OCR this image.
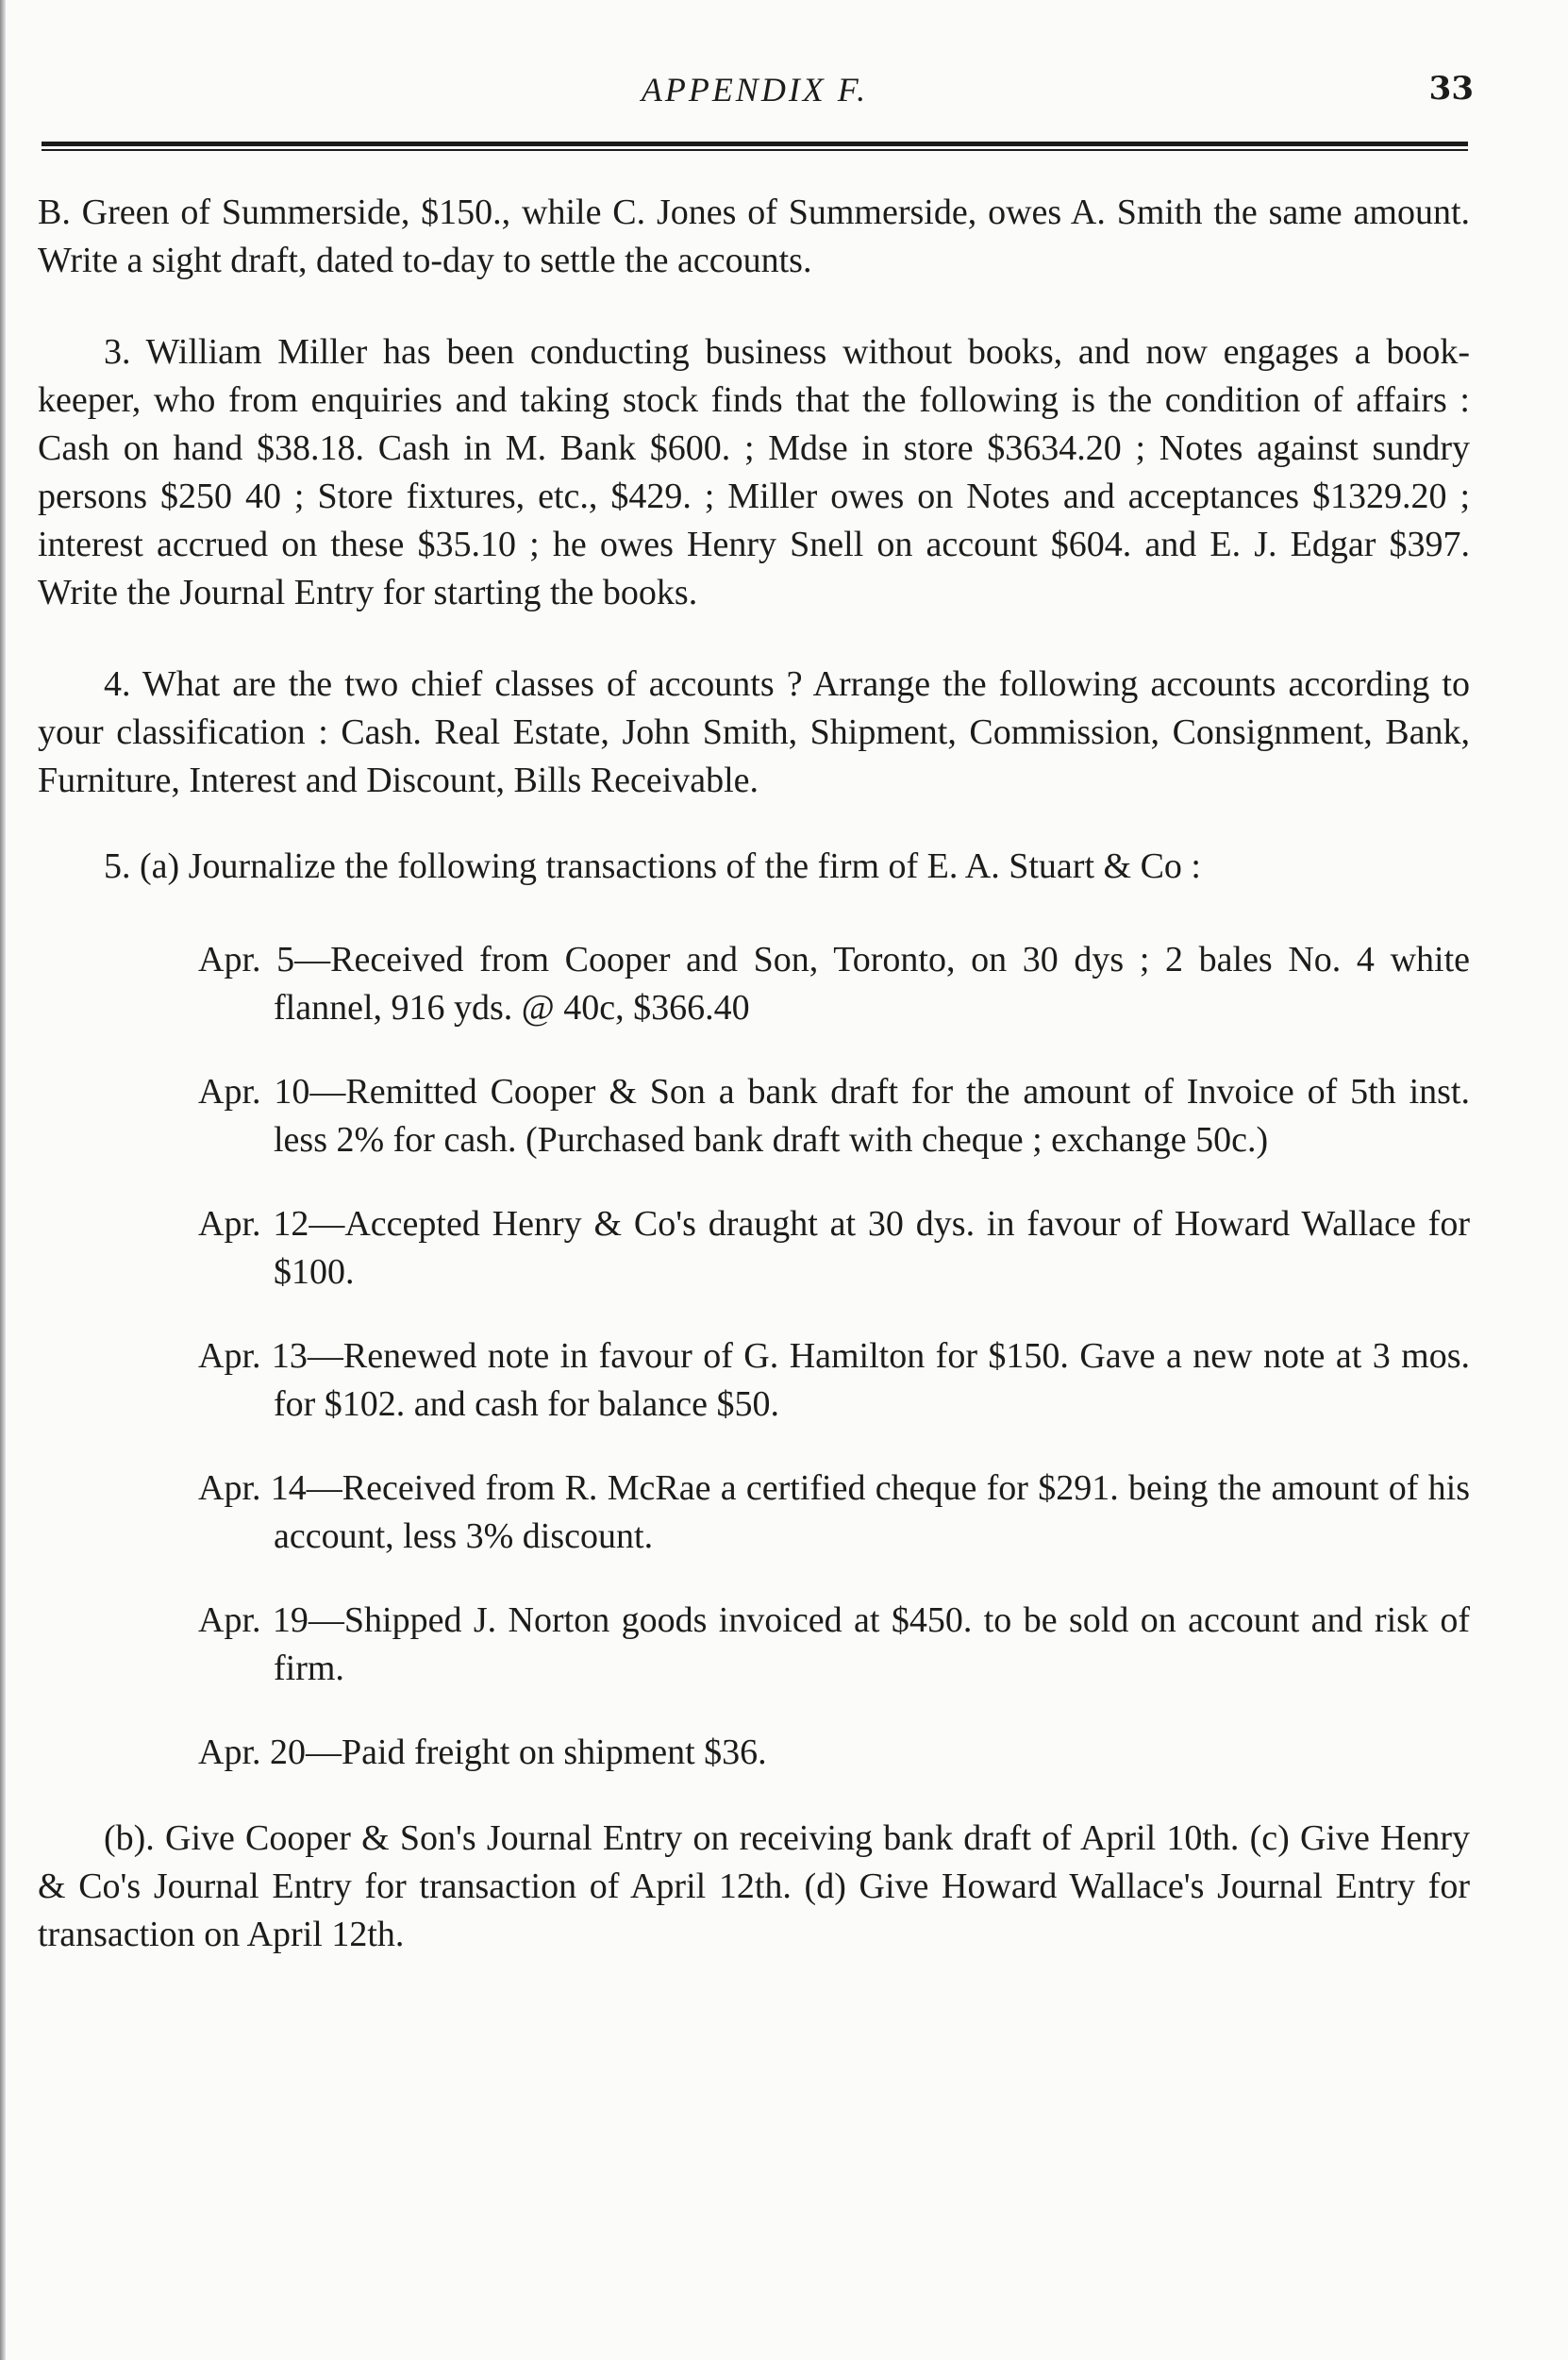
APPENDIX F.	33

B. Green of Summerside, $150., while C. Jones of Summerside, owes A. Smith the same amount. Write a sight draft, dated to-day to settle the accounts.

3. William Miller has been conducting business without books, and now engages a book-keeper, who from enquiries and taking stock finds that the following is the condition of affairs : Cash on hand $38.18. Cash in M. Bank $600. ; Mdse in store $3634.20 ; Notes against sundry persons $250 40 ; Store fixtures, etc., $429. ; Miller owes on Notes and acceptances $1329.20 ; interest accrued on these $35.10 ; he owes Henry Snell on account $604. and E. J. Edgar $397. Write the Journal Entry for starting the books.

4. What are the two chief classes of accounts ? Arrange the following accounts according to your classification : Cash. Real Estate, John Smith, Shipment, Commission, Consignment, Bank, Furniture, Interest and Discount, Bills Receivable.

5. (a) Journalize the following transactions of the firm of E. A. Stuart & Co :

Apr. 5—Received from Cooper and Son, Toronto, on 30 dys ; 2 bales No. 4 white flannel, 916 yds. @ 40c, $366.40

Apr. 10—Remitted Cooper & Son a bank draft for the amount of Invoice of 5th inst. less 2% for cash. (Purchased bank draft with cheque ; exchange 50c.)

Apr. 12—Accepted Henry & Co's draught at 30 dys. in favour of Howard Wallace for $100.

Apr. 13—Renewed note in favour of G. Hamilton for $150. Gave a new note at 3 mos. for $102. and cash for balance $50.

Apr. 14—Received from R. McRae a certified cheque for $291. being the amount of his account, less 3% discount.

Apr. 19—Shipped J. Norton goods invoiced at $450. to be sold on account and risk of firm.

Apr. 20—Paid freight on shipment $36.

(b). Give Cooper & Son's Journal Entry on receiving bank draft of April 10th. (c) Give Henry & Co's Journal Entry for transaction of April 12th. (d) Give Howard Wallace's Journal Entry for transaction on April 12th.
